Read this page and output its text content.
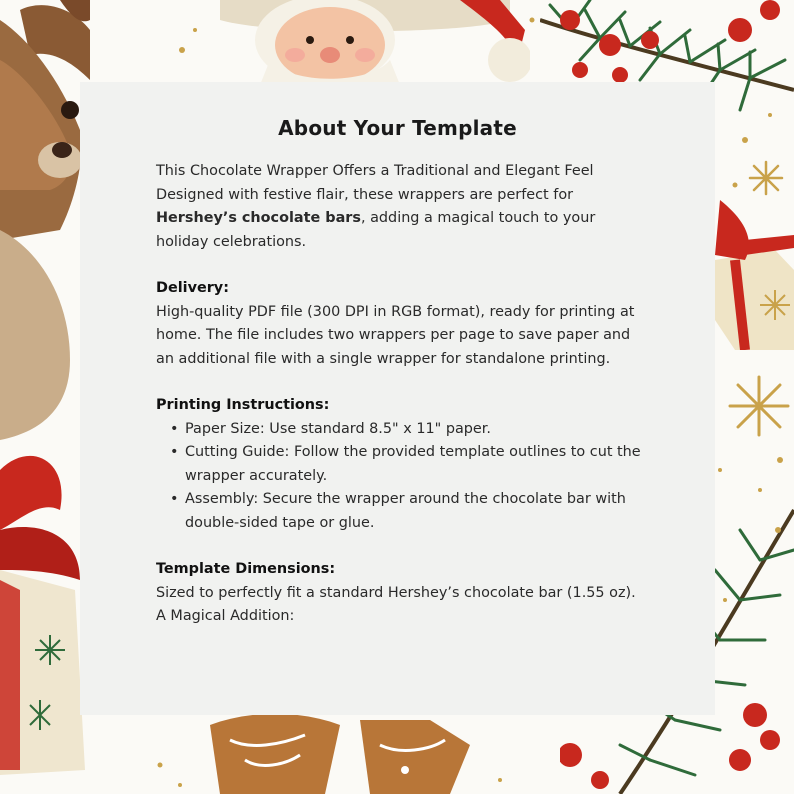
About Your Template

This Chocolate Wrapper Offers a Traditional and Elegant Feel
Designed with festive flair, these wrappers are perfect for Hershey’s chocolate bars, adding a magical touch to your holiday celebrations.

Delivery:
High-quality PDF file (300 DPI in RGB format), ready for printing at home. The file includes two wrappers per page to save paper and an additional file with a single wrapper for standalone printing.

Printing Instructions:

• Paper Size: Use standard 8.5" x 11" paper.
• Cutting Guide: Follow the provided template outlines to cut the wrapper accurately.
• Assembly: Secure the wrapper around the chocolate bar with double-sided tape or glue.

Template Dimensions:
Sized to perfectly fit a standard Hershey’s chocolate bar (1.55 oz).
A Magical Addition:
